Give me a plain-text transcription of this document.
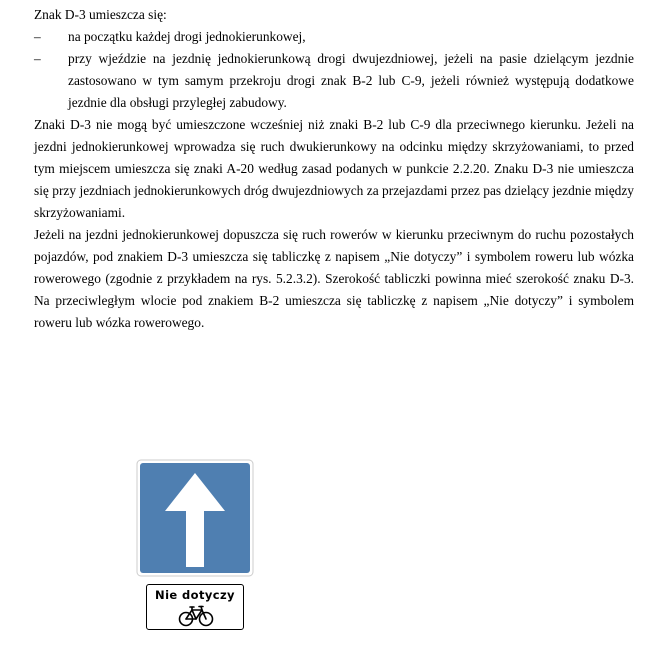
Znak D-3 umieszcza się:

– na początku każdej drogi jednokierunkowej,
– przy wjeździe na jezdnię jednokierunkową drogi dwujezdniowej, jeżeli na pasie dzielącym jezdnie zastosowano w tym samym przekroju drogi znak B-2 lub C-9, jeżeli również występują dodatkowe jezdnie dla obsługi przyległej zabudowy.

Znaki D-3 nie mogą być umieszczone wcześniej niż znaki B-2 lub C-9 dla przeciwnego kierunku. Jeżeli na jezdni jednokierunkowej wprowadza się ruch dwukierunkowy na odcinku między skrzyżowaniami, to przed tym miejscem umieszcza się znaki A-20 według zasad podanych w punkcie 2.2.20. Znaku D-3 nie umieszcza się przy jezdniach jednokierunkowych dróg dwujezdniowych za przejazdami przez pas dzielący jezdnie między skrzyżowaniami.

Jeżeli na jezdni jednokierunkowej dopuszcza się ruch rowerów w kierunku przeciwnym do ruchu pozostałych pojazdów, pod znakiem D-3 umieszcza się tabliczkę z napisem „Nie dotyczy” i symbolem roweru lub wózka rowerowego (zgodnie z przykładem na rys. 5.2.3.2). Szerokość tabliczki powinna mieć szerokość znaku D-3. Na przeciwległym wlocie pod znakiem B-2 umieszcza się tabliczkę z napisem „Nie dotyczy” i symbolem roweru lub wózka rowerowego.

Nie dotyczy
